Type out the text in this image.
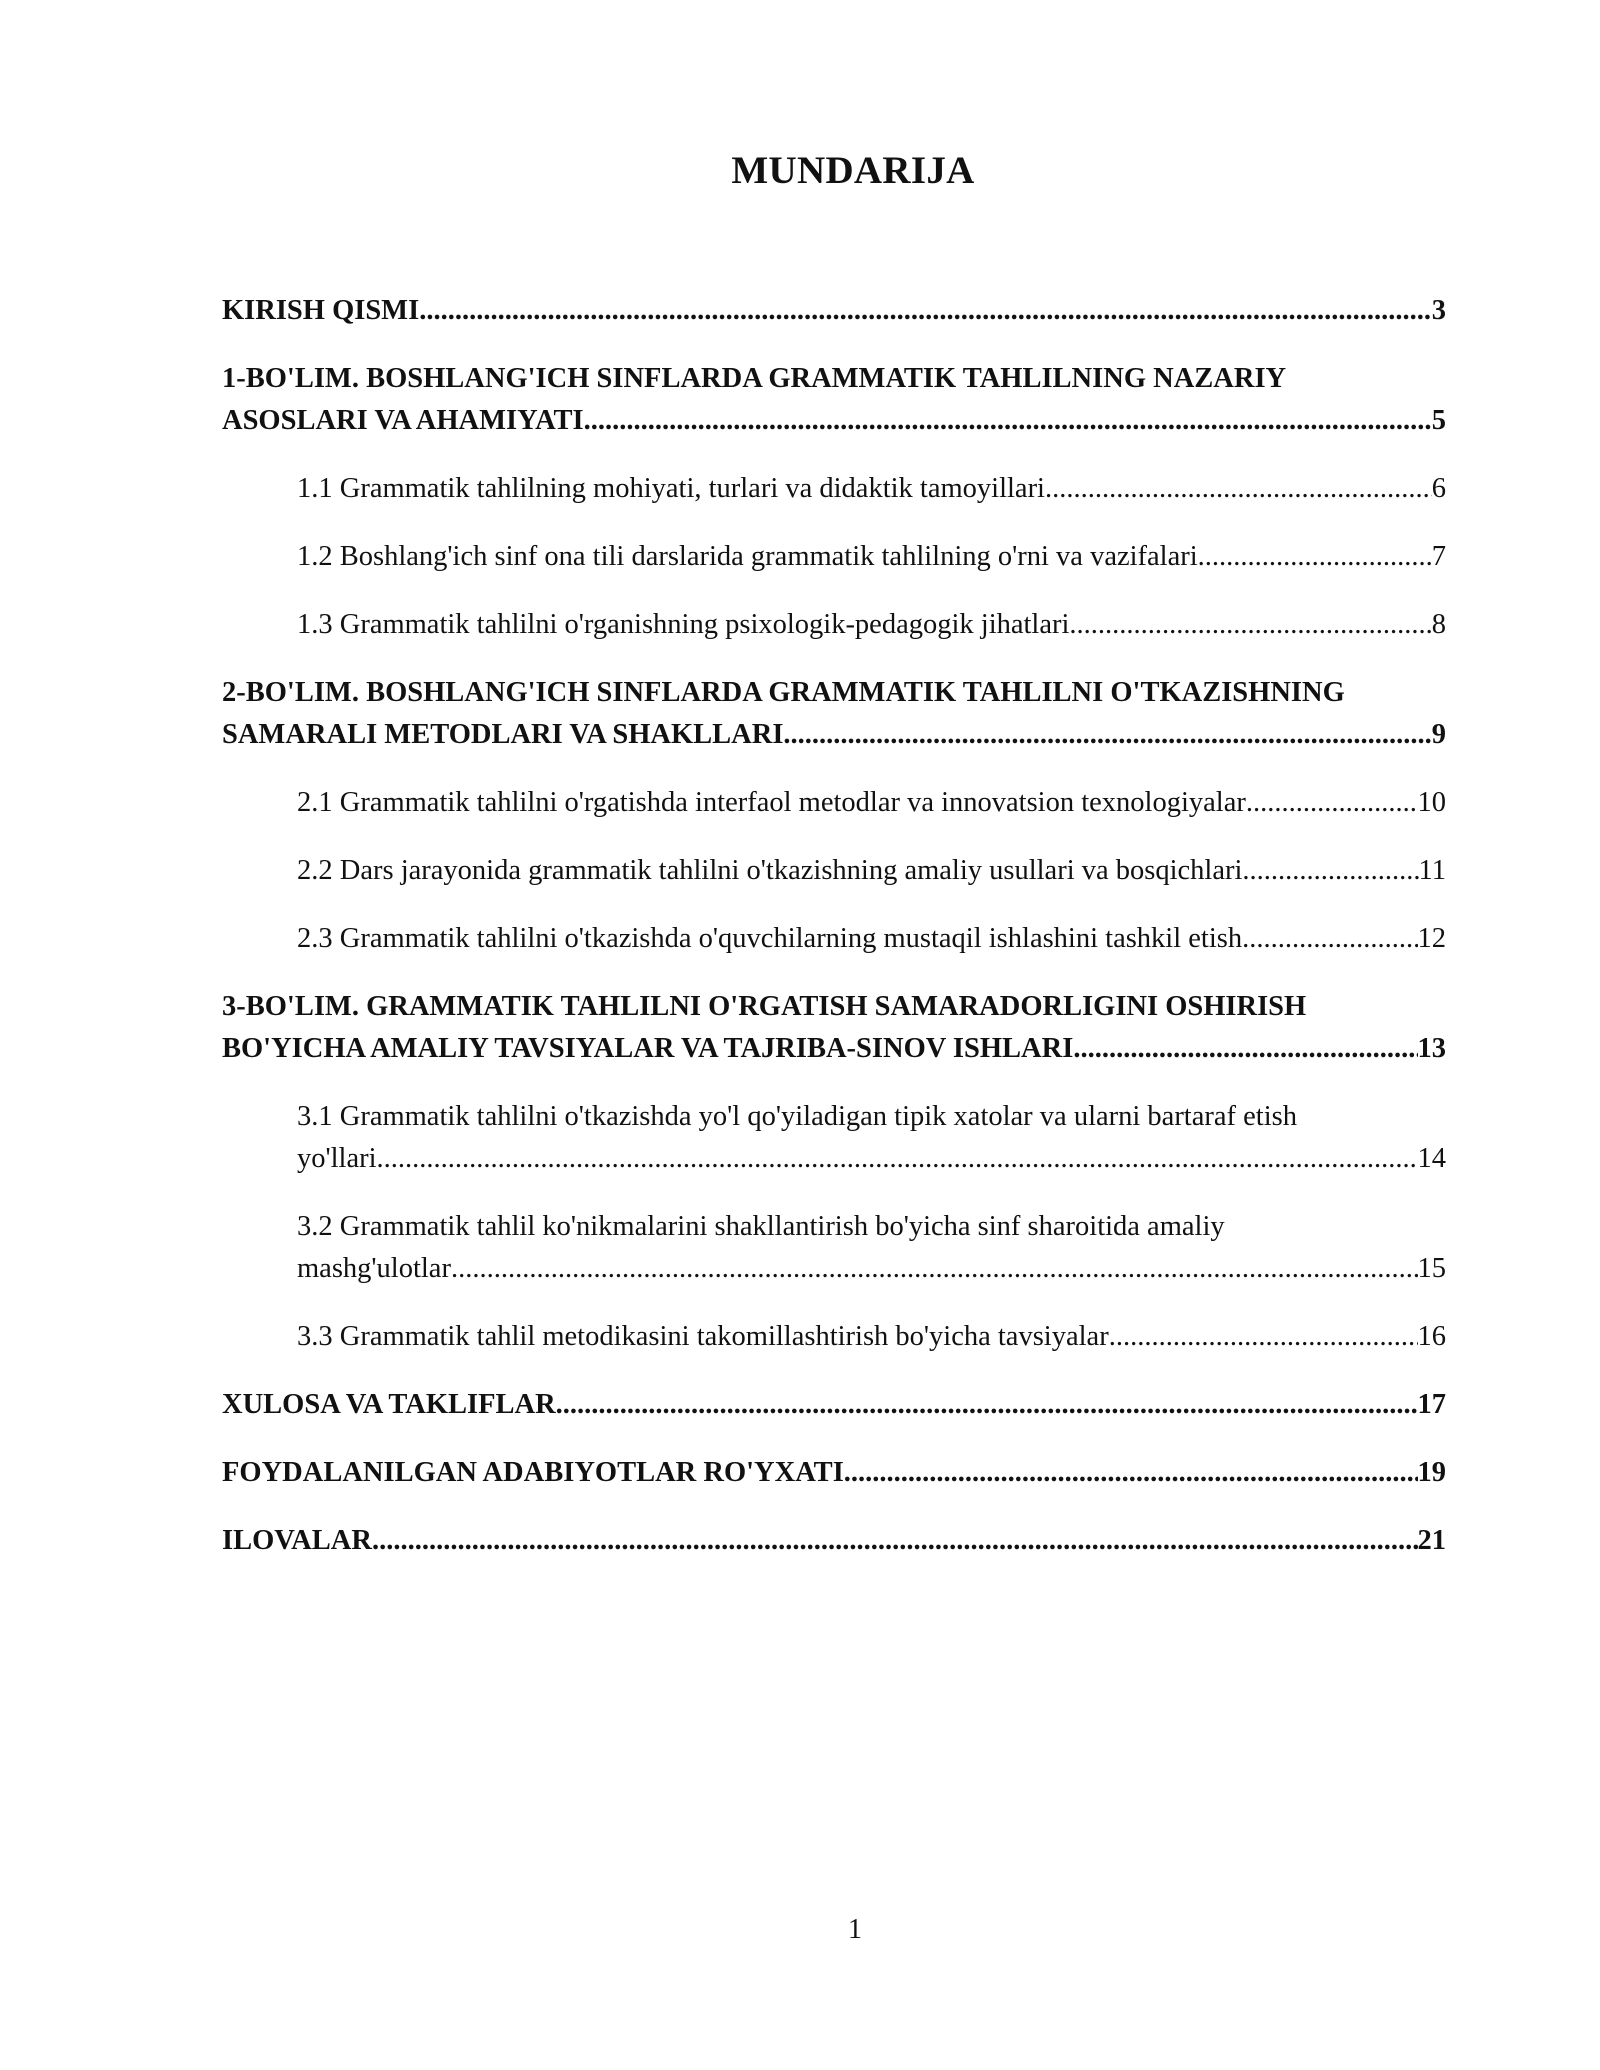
MUNDARIJA
KIRISH QISMI .....	3
1-BO'LIM. BOSHLANG'ICH SINFLARDA GRAMMATIK TAHLILNING NAZARIY
ASOSLARI VA AHAMIYATI .....	5
1.1 Grammatik tahlilning mohiyati, turlari va didaktik tamoyillari .....	6
1.2 Boshlang'ich sinf ona tili darslarida grammatik tahlilning o'rni va vazifalari .....	7
1.3 Grammatik tahlilni o'rganishning psixologik-pedagogik jihatlari .....	8
2-BO'LIM. BOSHLANG'ICH SINFLARDA GRAMMATIK TAHLILNI O'TKAZISHNING
SAMARALI METODLARI VA SHAKLLARI .....	9
2.1 Grammatik tahlilni o'rgatishda interfaol metodlar va innovatsion texnologiyalar .....	10
2.2 Dars jarayonida grammatik tahlilni o'tkazishning amaliy usullari va bosqichlari .....	11
2.3 Grammatik tahlilni o'tkazishda o'quvchilarning mustaqil ishlashini tashkil etish .....	12
3-BO'LIM. GRAMMATIK TAHLILNI O'RGATISH SAMARADORLIGINI OSHIRISH
BO'YICHA AMALIY TAVSIYALAR VA TAJRIBA-SINOV ISHLARI .....	13
3.1 Grammatik tahlilni o'tkazishda yo'l qo'yiladigan tipik xatolar va ularni bartaraf etish
yo'llari .....	14
3.2 Grammatik tahlil ko'nikmalarini shakllantirish bo'yicha sinf sharoitida amaliy
mashg'ulotlar .....	15
3.3 Grammatik tahlil metodikasini takomillashtirish bo'yicha tavsiyalar .....	16
XULOSA VA TAKLIFLAR .....	17
FOYDALANILGAN ADABIYOTLAR RO'YXATI .....	19
ILOVALAR .....	21
1
